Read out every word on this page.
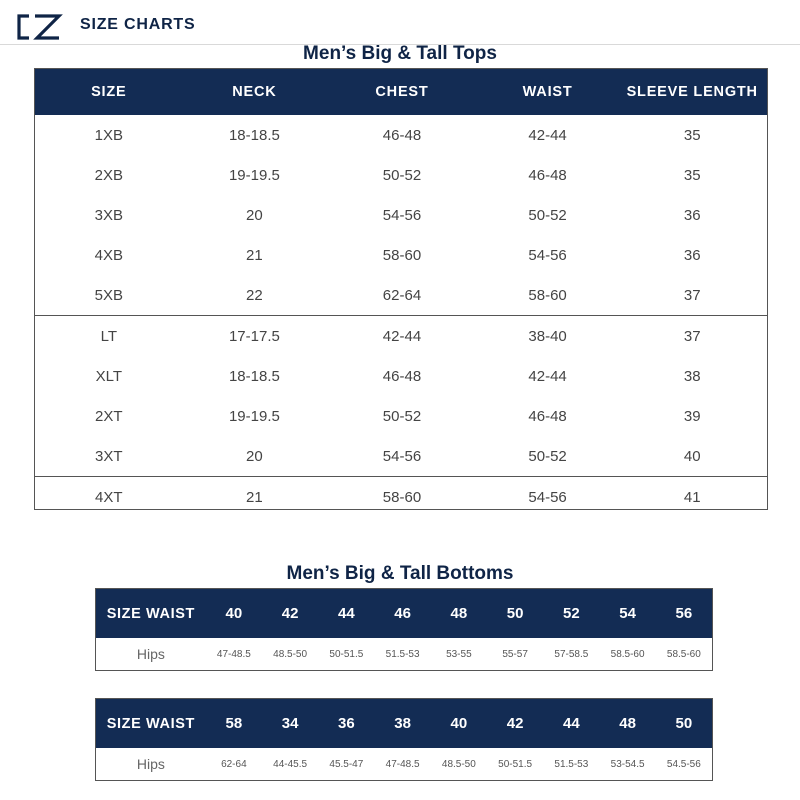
SIZE CHARTS
Men’s Big & Tall Tops
SIZE	NECK	CHEST	WAIST	SLEEVE LENGTH
1XB	18-18.5	46-48	42-44	35
2XB	19-19.5	50-52	46-48	35
3XB	20	54-56	50-52	36
4XB	21	58-60	54-56	36
5XB	22	62-64	58-60	37
LT	17-17.5	42-44	38-40	37
XLT	18-18.5	46-48	42-44	38
2XT	19-19.5	50-52	46-48	39
3XT	20	54-56	50-52	40
4XT	21	58-60	54-56	41
Men’s Big & Tall Bottoms
SIZE WAIST	40	42	44	46	48	50	52	54	56
Hips	47-48.5	48.5-50	50-51.5	51.5-53	53-55	55-57	57-58.5	58.5-60	58.5-60
SIZE WAIST	58	34	36	38	40	42	44	48	50
Hips	62-64	44-45.5	45.5-47	47-48.5	48.5-50	50-51.5	51.5-53	53-54.5	54.5-56
